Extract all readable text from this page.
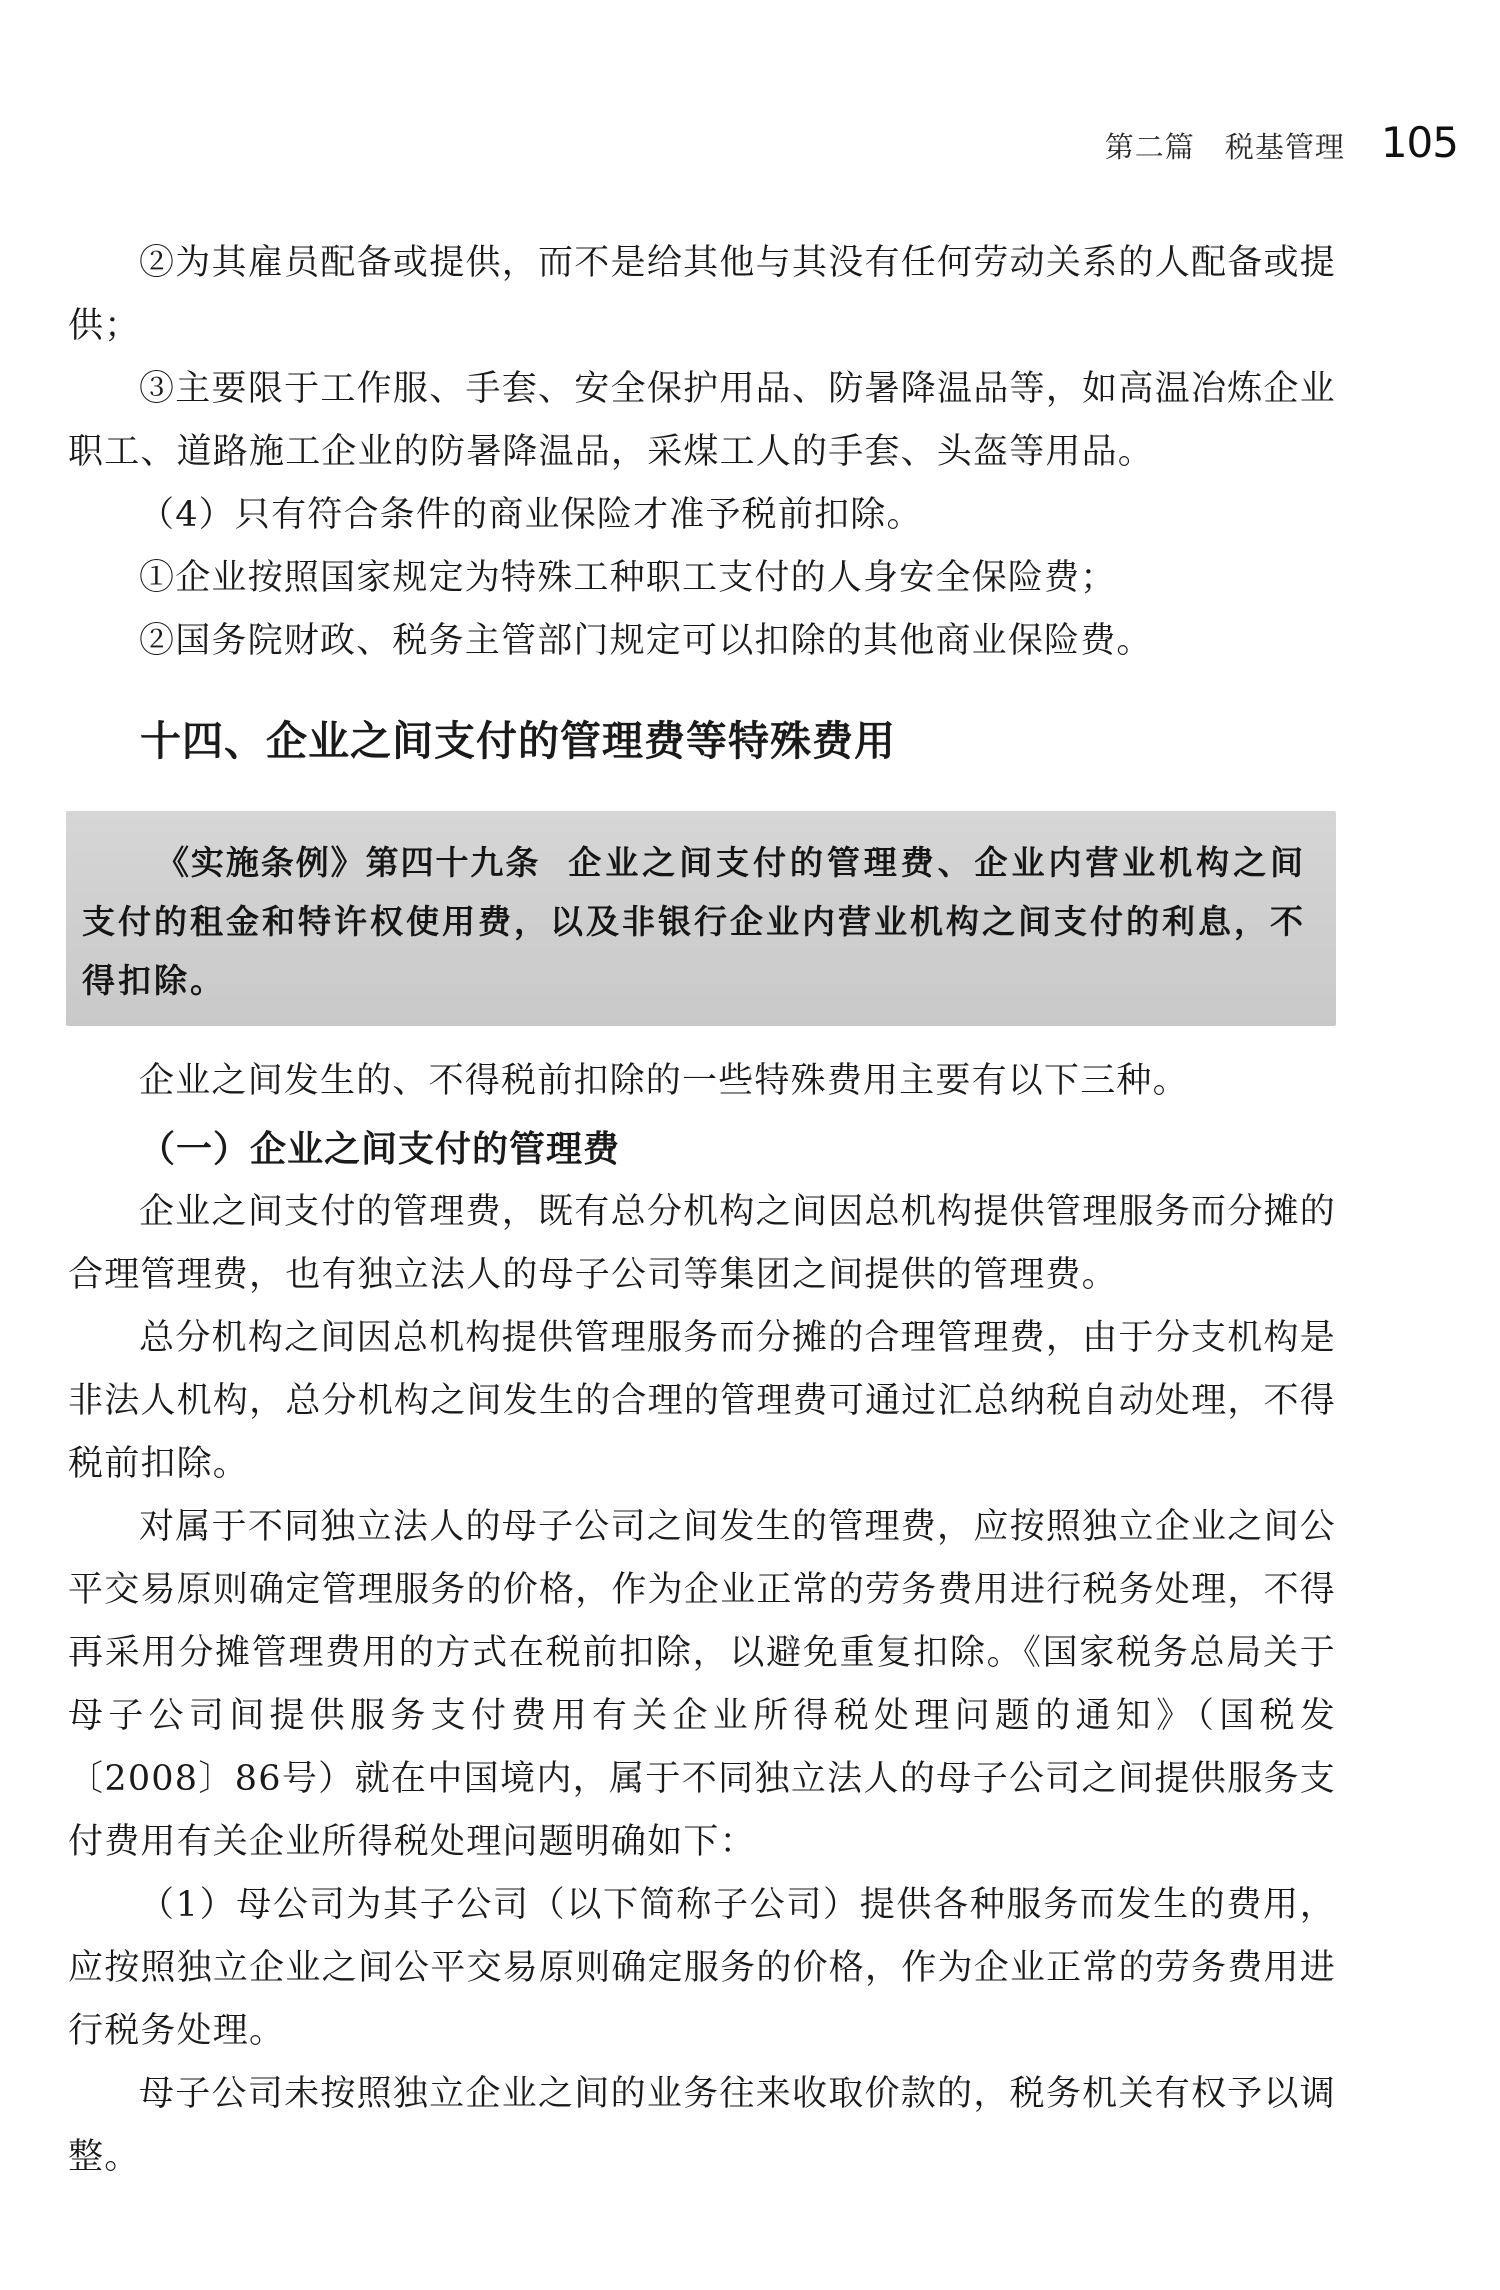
第二篇 税基管理 105

②为其雇员配备或提供，而不是给其他与其没有任何劳动关系的人配备或提供；

③主要限于工作服、手套、安全保护用品、防暑降温品等，如高温冶炼企业职工、道路施工企业的防暑降温品，采煤工人的手套、头盔等用品。

（4）只有符合条件的商业保险才准予税前扣除。

①企业按照国家规定为特殊工种职工支付的人身安全保险费；

②国务院财政、税务主管部门规定可以扣除的其他商业保险费。

十四、企业之间支付的管理费等特殊费用

《实施条例》第四十九条 企业之间支付的管理费、企业内营业机构之间支付的租金和特许权使用费，以及非银行企业内营业机构之间支付的利息，不得扣除。

企业之间发生的、不得税前扣除的一些特殊费用主要有以下三种。

（一）企业之间支付的管理费

企业之间支付的管理费，既有总分机构之间因总机构提供管理服务而分摊的合理管理费，也有独立法人的母子公司等集团之间提供的管理费。

总分机构之间因总机构提供管理服务而分摊的合理管理费，由于分支机构是非法人机构，总分机构之间发生的合理的管理费可通过汇总纳税自动处理，不得税前扣除。

对属于不同独立法人的母子公司之间发生的管理费，应按照独立企业之间公平交易原则确定管理服务的价格，作为企业正常的劳务费用进行税务处理，不得再采用分摊管理费用的方式在税前扣除，以避免重复扣除。《国家税务总局关于母子公司间提供服务支付费用有关企业所得税处理问题的通知》（国税发〔2008〕86号）就在中国境内，属于不同独立法人的母子公司之间提供服务支付费用有关企业所得税处理问题明确如下：

（1）母公司为其子公司（以下简称子公司）提供各种服务而发生的费用，应按照独立企业之间公平交易原则确定服务的价格，作为企业正常的劳务费用进行税务处理。

母子公司未按照独立企业之间的业务往来收取价款的，税务机关有权予以调整。
